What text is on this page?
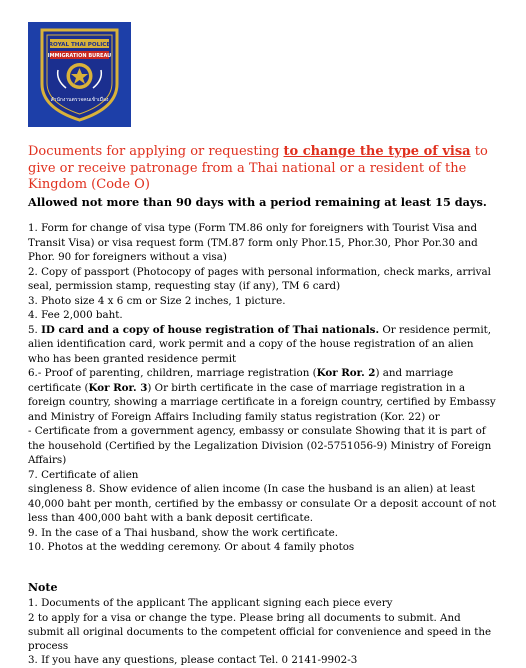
ROYAL THAI POLICE
IMMIGRATION BUREAU
สำนักงานตรวจคนเข้าเมือง
Documents for applying or requesting to change the type of visa to give or receive patronage from a Thai national or a resident of the Kingdom (Code O)
Allowed not more than 90 days with a period remaining at least 15 days.

1. Form for change of visa type (Form TM.86 only for foreigners with Tourist Visa and Transit Visa) or visa request form (TM.87 form only Phor.15, Phor.30, Phor Por.30 and Phor. 90 for foreigners without a visa)

2. Copy of passport (Photocopy of pages with personal information, check marks, arrival seal, permission stamp, requesting stay (if any), TM 6 card)

3. Photo size 4 x 6 cm or Size 2 inches, 1 picture.

4. Fee 2,000 baht.

5. ID card and a copy of house registration of Thai nationals. Or residence permit, alien identification card, work permit and a copy of the house registration of an alien who has been granted residence permit

6.- Proof of parenting, children, marriage registration (Kor Ror. 2) and marriage certificate (Kor Ror. 3) Or birth certificate in the case of marriage registration in a foreign country, showing a marriage certificate in a foreign country, certified by Embassy and Ministry of Foreign Affairs Including family status registration (Kor. 22) or

- Certificate from a government agency, embassy or consulate Showing that it is part of the household (Certified by the Legalization Division (02-5751056-9) Ministry of Foreign Affairs)

7. Certificate of alien

singleness 8. Show evidence of alien income (In case the husband is an alien) at least 40,000 baht per month, certified by the embassy or consulate Or a deposit account of not less than 400,000 baht with a bank deposit certificate.

9. In the case of a Thai husband, show the work certificate.

10. Photos at the wedding ceremony. Or about 4 family photos

Note

1. Documents of the applicant The applicant signing each piece every

2 to apply for a visa or change the type. Please bring all documents to submit. And submit all original documents to the competent official for convenience and speed in the process

3. If you have any questions, please contact Tel. 0 2141-9902-3
